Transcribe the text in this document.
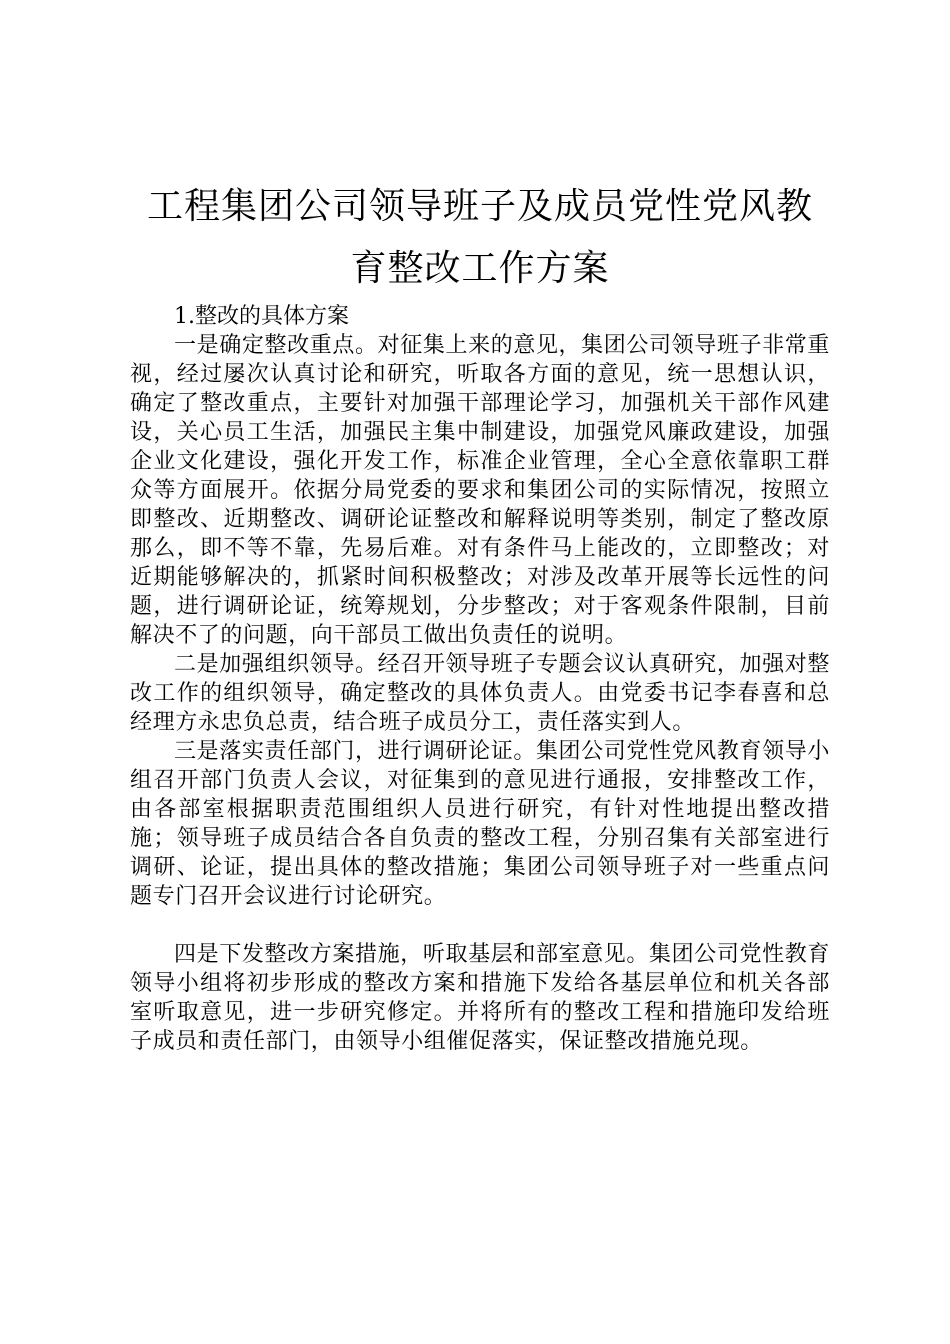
工程集团公司领导班子及成员党性党风教育整改工作方案

1.整改的具体方案

一是确定整改重点。对征集上来的意见，集团公司领导班子非常重视，经过屡次认真讨论和研究，听取各方面的意见，统一思想认识，确定了整改重点，主要针对加强干部理论学习，加强机关干部作风建设，关心员工生活，加强民主集中制建设，加强党风廉政建设，加强企业文化建设，强化开发工作，标准企业管理，全心全意依靠职工群众等方面展开。依据分局党委的要求和集团公司的实际情况，按照立即整改、近期整改、调研论证整改和解释说明等类别，制定了整改原那么，即不等不靠，先易后难。对有条件马上能改的，立即整改；对近期能够解决的，抓紧时间积极整改；对涉及改革开展等长远性的问题，进行调研论证，统筹规划，分步整改；对于客观条件限制，目前解决不了的问题，向干部员工做出负责任的说明。

二是加强组织领导。经召开领导班子专题会议认真研究，加强对整改工作的组织领导，确定整改的具体负责人。由党委书记李春喜和总经理方永忠负总责，结合班子成员分工，责任落实到人。

三是落实责任部门，进行调研论证。集团公司党性党风教育领导小组召开部门负责人会议，对征集到的意见进行通报，安排整改工作，由各部室根据职责范围组织人员进行研究，有针对性地提出整改措施；领导班子成员结合各自负责的整改工程，分别召集有关部室进行调研、论证，提出具体的整改措施；集团公司领导班子对一些重点问题专门召开会议进行讨论研究。

四是下发整改方案措施，听取基层和部室意见。集团公司党性教育领导小组将初步形成的整改方案和措施下发给各基层单位和机关各部室听取意见，进一步研究修定。并将所有的整改工程和措施印发给班子成员和责任部门，由领导小组催促落实，保证整改措施兑现。
